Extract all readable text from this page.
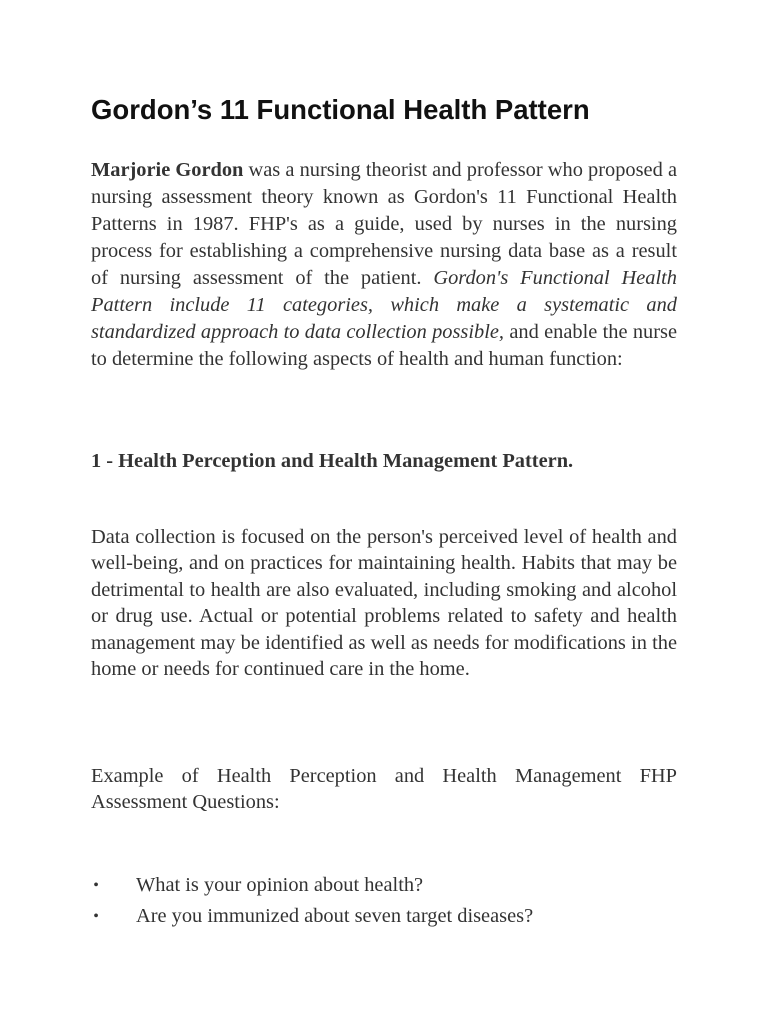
Gordon’s 11 Functional Health Pattern

Marjorie Gordon was a nursing theorist and professor who proposed a nursing assessment theory known as Gordon's 11 Functional Health Patterns in 1987. FHP's as a guide, used by nurses in the nursing process for establishing a comprehensive nursing data base as a result of nursing assessment of the patient. Gordon's Functional Health Pattern include 11 categories, which make a systematic and standardized approach to data collection possible, and enable the nurse to determine the following aspects of health and human function:

1 - Health Perception and Health Management Pattern.

Data collection is focused on the person's perceived level of health and well-being, and on practices for maintaining health. Habits that may be detrimental to health are also evaluated, including smoking and alcohol or drug use. Actual or potential problems related to safety and health management may be identified as well as needs for modifications in the home or needs for continued care in the home.

Example of Health Perception and Health Management FHP Assessment Questions:

• What is your opinion about health?
• Are you immunized about seven target diseases?
